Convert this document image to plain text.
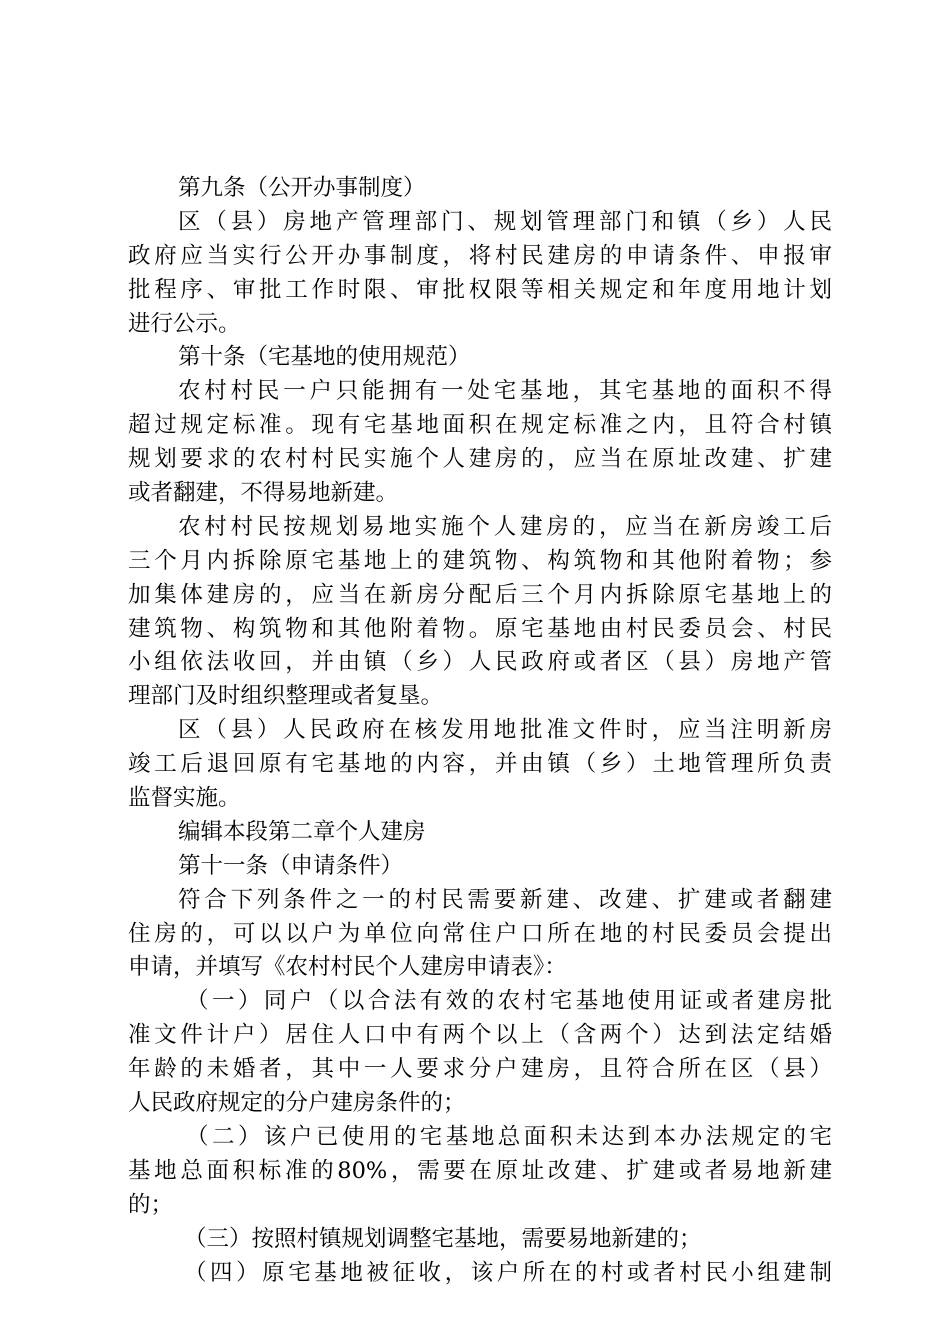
第九条（公开办事制度）
区（县）房地产管理部门、规划管理部门和镇（乡）人民
政府应当实行公开办事制度，将村民建房的申请条件、申报审
批程序、审批工作时限、审批权限等相关规定和年度用地计划
进行公示。
第十条（宅基地的使用规范）
农村村民一户只能拥有一处宅基地，其宅基地的面积不得
超过规定标准。现有宅基地面积在规定标准之内，且符合村镇
规划要求的农村村民实施个人建房的，应当在原址改建、扩建
或者翻建，不得易地新建。
农村村民按规划易地实施个人建房的，应当在新房竣工后
三个月内拆除原宅基地上的建筑物、构筑物和其他附着物；参
加集体建房的，应当在新房分配后三个月内拆除原宅基地上的
建筑物、构筑物和其他附着物。原宅基地由村民委员会、村民
小组依法收回，并由镇（乡）人民政府或者区（县）房地产管
理部门及时组织整理或者复垦。
区（县）人民政府在核发用地批准文件时，应当注明新房
竣工后退回原有宅基地的内容，并由镇（乡）土地管理所负责
监督实施。
编辑本段第二章个人建房
第十一条（申请条件）
符合下列条件之一的村民需要新建、改建、扩建或者翻建
住房的，可以以户为单位向常住户口所在地的村民委员会提出
申请，并填写《农村村民个人建房申请表》：
（一）同户（以合法有效的农村宅基地使用证或者建房批
准文件计户）居住人口中有两个以上（含两个）达到法定结婚
年龄的未婚者，其中一人要求分户建房，且符合所在区（县）
人民政府规定的分户建房条件的；
（二）该户已使用的宅基地总面积未达到本办法规定的宅
基地总面积标准的80%，需要在原址改建、扩建或者易地新建
的；
（三）按照村镇规划调整宅基地，需要易地新建的；
（四）原宅基地被征收，该户所在的村或者村民小组建制
